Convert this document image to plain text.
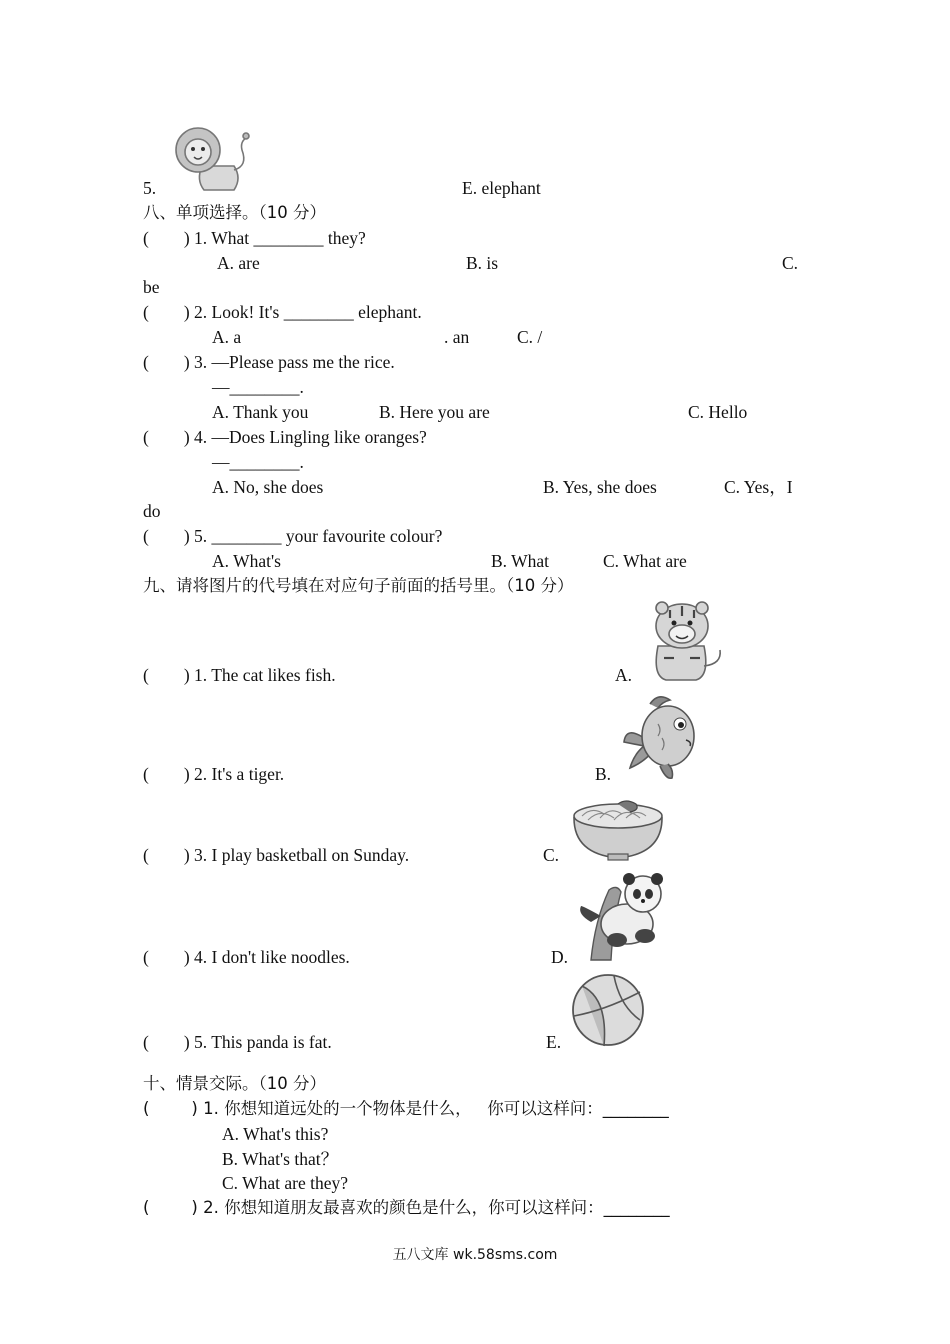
5.	E. elephant
八、单项选择。（10 分）
(        ) 1. What ________ they?
A. are	B. is	C.
be
(        ) 2. Look! It's ________ elephant.
A. a	. an	C. /
(        ) 3. —Please pass me the rice.
—________.
A. Thank you	B. Here you are	C. Hello
(        ) 4. —Does Lingling like oranges?
—________.
A. No, she does	B. Yes, she does	C. Yes，I
do
(        ) 5. ________ your favourite colour?
A. What's	B. What	C. What are
九、请将图片的代号填在对应句子前面的括号里。（10 分）
(        ) 1. The cat likes fish.	A.
(        ) 2. It's a tiger.	B.
(        ) 3. I play basketball on Sunday.	C.
(        ) 4. I don't like noodles.	D.
(        ) 5. This panda is fat.	E.
十、情景交际。（10 分）
(        ) 1. 你想知道远处的一个物体是什么，   你可以这样问：________
A. What's this?
B. What's that？
C. What are they?
(        ) 2. 你想知道朋友最喜欢的颜色是什么，你可以这样问：________
五八文库 wk.58sms.com
